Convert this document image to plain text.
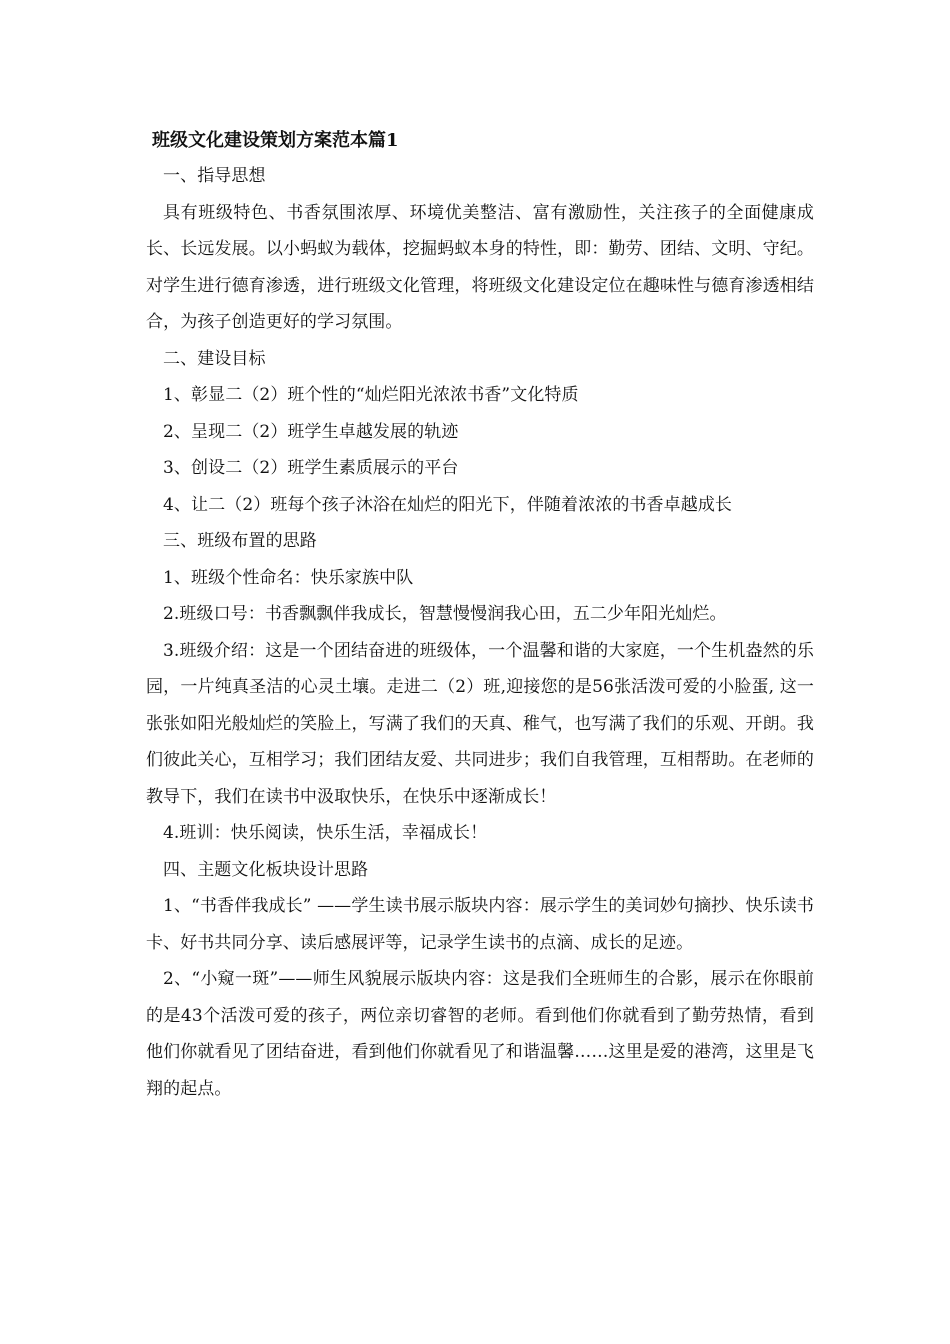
班级文化建设策划方案范本篇1

一、指导思想

具有班级特色、书香氛围浓厚、环境优美整洁、富有激励性，关注孩子的全面健康成长、长远发展。以小蚂蚁为载体，挖掘蚂蚁本身的特性，即：勤劳、团结、文明、守纪。对学生进行德育渗透，进行班级文化管理，将班级文化建设定位在趣味性与德育渗透相结合，为孩子创造更好的学习氛围。

二、建设目标

1、彰显二（2）班个性的“灿烂阳光浓浓书香”文化特质

2、呈现二（2）班学生卓越发展的轨迹

3、创设二（2）班学生素质展示的平台

4、让二（2）班每个孩子沐浴在灿烂的阳光下，伴随着浓浓的书香卓越成长

三、班级布置的思路

1、班级个性命名：快乐家族中队

2.班级口号：书香飘飘伴我成长，智慧慢慢润我心田，五二少年阳光灿烂。

3.班级介绍：这是一个团结奋进的班级体，一个温馨和谐的大家庭，一个生机盎然的乐园，一片纯真圣洁的心灵土壤。走进二（2）班,迎接您的是56张活泼可爱的小脸蛋, 这一张张如阳光般灿烂的笑脸上，写满了我们的天真、稚气，也写满了我们的乐观、开朗。我们彼此关心，互相学习；我们团结友爱、共同进步；我们自我管理，互相帮助。在老师的教导下，我们在读书中汲取快乐，在快乐中逐渐成长！

4.班训：快乐阅读，快乐生活，幸福成长！

四、主题文化板块设计思路

1、“书香伴我成长” ——学生读书展示版块内容：展示学生的美词妙句摘抄、快乐读书卡、好书共同分享、读后感展评等，记录学生读书的点滴、成长的足迹。

2、“小窥一斑”——师生风貌展示版块内容：这是我们全班师生的合影，展示在你眼前的是43个活泼可爱的孩子，两位亲切睿智的老师。看到他们你就看到了勤劳热情，看到他们你就看见了团结奋进，看到他们你就看见了和谐温馨……这里是爱的港湾，这里是飞翔的起点。
